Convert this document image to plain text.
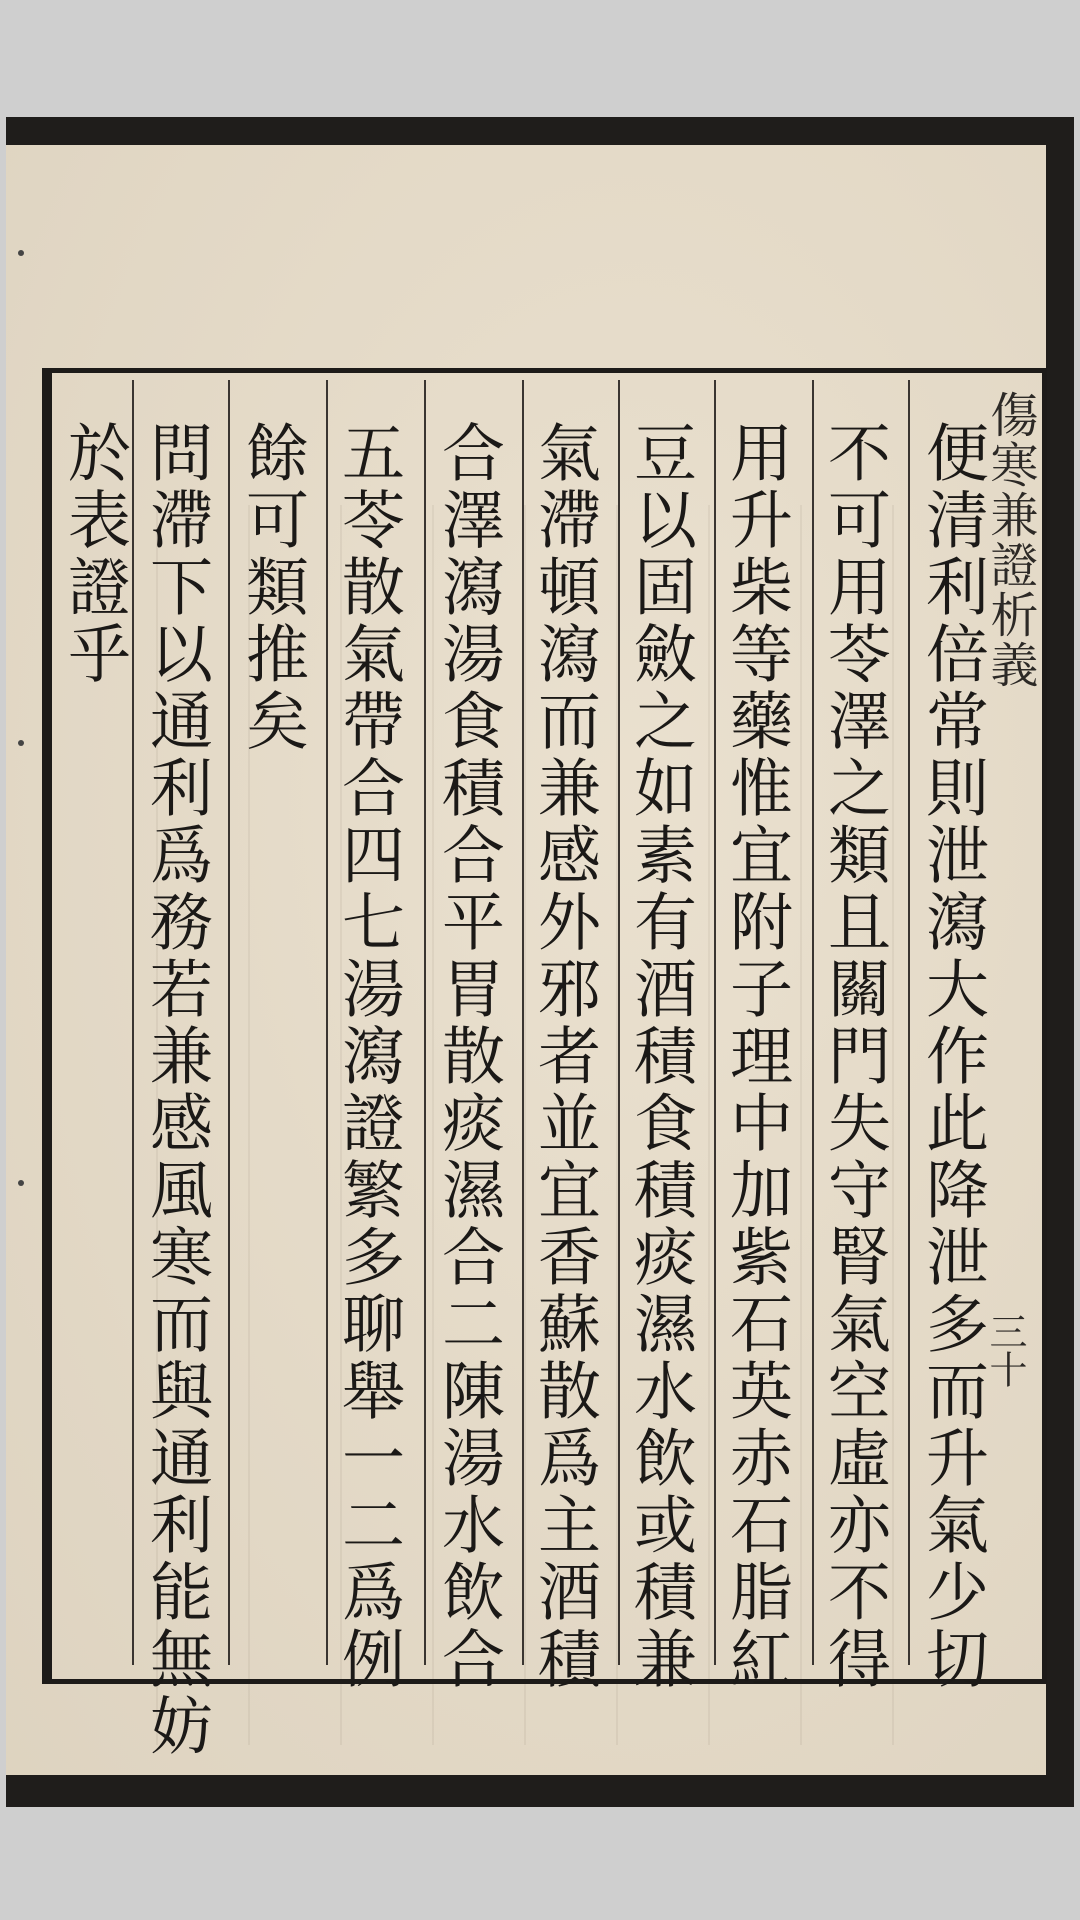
傷寒兼證析義
三十
便清利倍常則泄瀉大作此降泄多而升氣少切
不可用苓澤之類且關門失守腎氣空虛亦不得
用升柴等藥惟宜附子理中加紫石英赤石脂紅
豆以固斂之如素有酒積食積痰濕水飲或積兼
氣滯頓瀉而兼感外邪者並宜香蘇散爲主酒積
合澤瀉湯食積合平胃散痰濕合二陳湯水飲合
五苓散氣帶合四七湯瀉證繁多聊舉一二爲例
餘可類推矣
問滯下以通利爲務若兼感風寒而與通利能無妨
於表證乎
